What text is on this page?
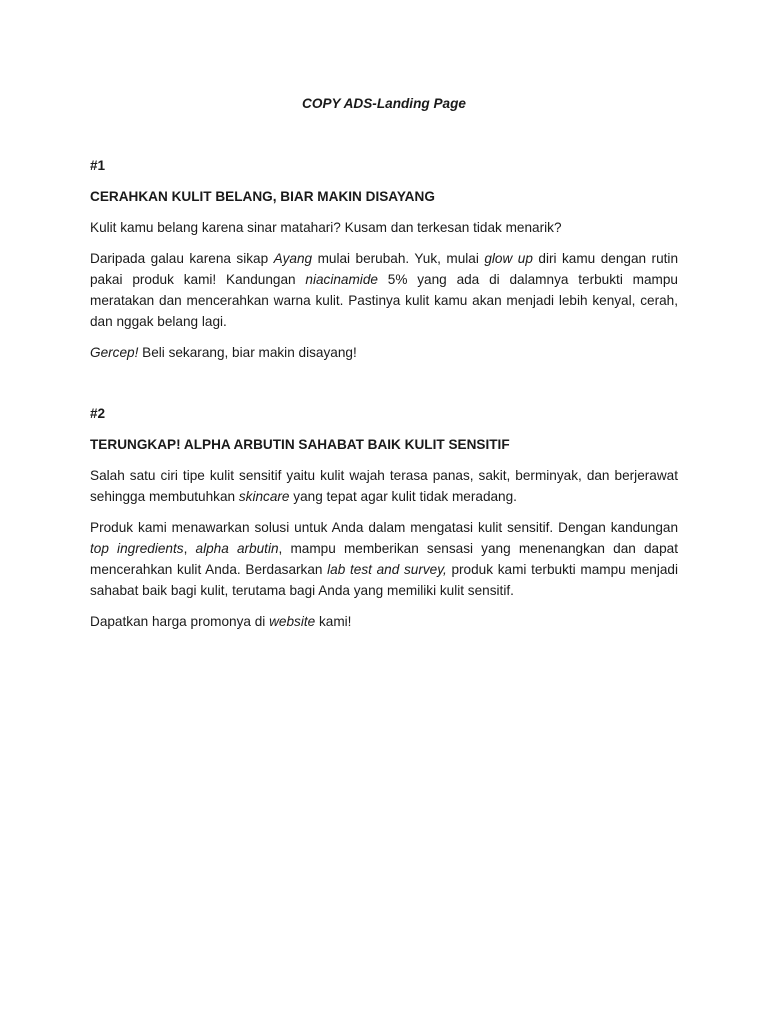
COPY ADS-Landing Page

#1

CERAHKAN KULIT BELANG, BIAR MAKIN DISAYANG

Kulit kamu belang karena sinar matahari? Kusam dan terkesan tidak menarik?

Daripada galau karena sikap Ayang mulai berubah. Yuk, mulai glow up diri kamu dengan rutin pakai produk kami! Kandungan niacinamide 5% yang ada di dalamnya terbukti mampu meratakan dan mencerahkan warna kulit. Pastinya kulit kamu akan menjadi lebih kenyal, cerah, dan nggak belang lagi.

Gercep! Beli sekarang, biar makin disayang!

#2

TERUNGKAP! ALPHA ARBUTIN SAHABAT BAIK KULIT SENSITIF

Salah satu ciri tipe kulit sensitif yaitu kulit wajah terasa panas, sakit, berminyak, dan berjerawat sehingga membutuhkan skincare yang tepat agar kulit tidak meradang.

Produk kami menawarkan solusi untuk Anda dalam mengatasi kulit sensitif. Dengan kandungan top ingredients, alpha arbutin, mampu memberikan sensasi yang menenangkan dan dapat mencerahkan kulit Anda. Berdasarkan lab test and survey, produk kami terbukti mampu menjadi sahabat baik bagi kulit, terutama bagi Anda yang memiliki kulit sensitif.

Dapatkan harga promonya di website kami!
